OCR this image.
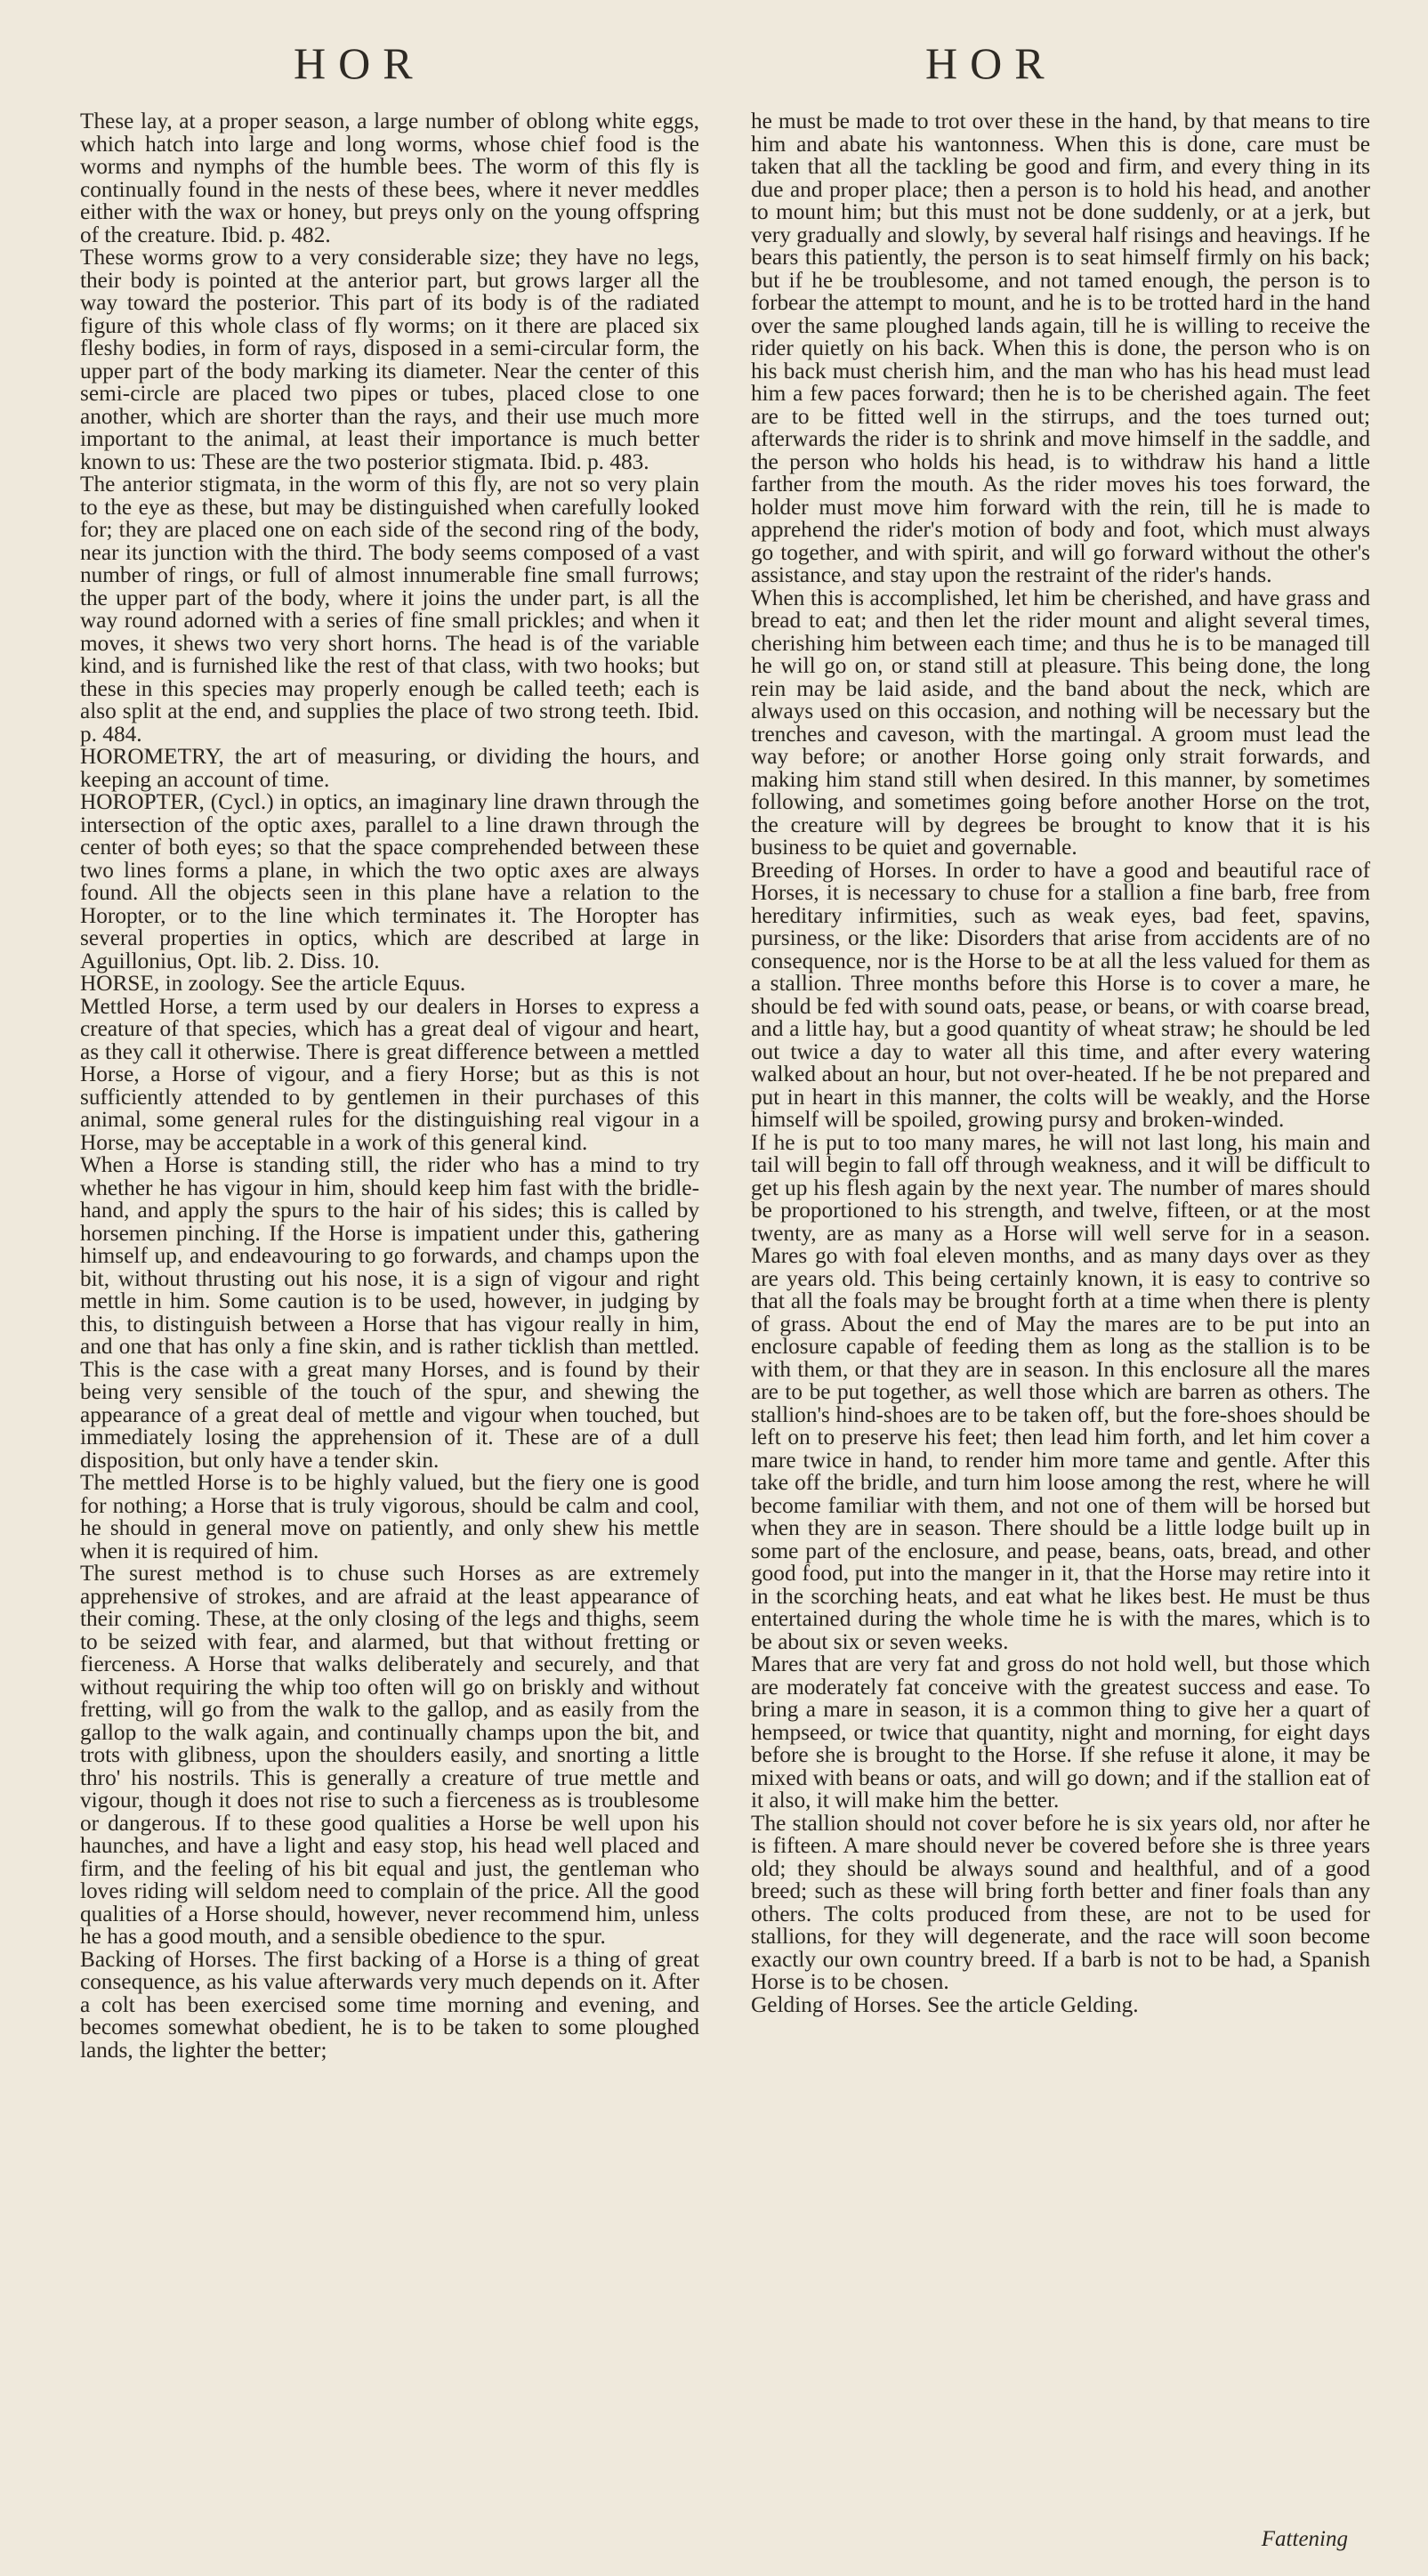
HOR	HOR

These lay, at a proper season, a large number of oblong white eggs, which hatch into large and long worms, whose chief food is the worms and nymphs of the humble bees. The worm of this fly is continually found in the nests of these bees, where it never meddles either with the wax or honey, but preys only on the young offspring of the creature. Ibid. p. 482.

These worms grow to a very considerable size; they have no legs, their body is pointed at the anterior part, but grows larger all the way toward the posterior. This part of its body is of the radiated figure of this whole class of fly worms; on it there are placed six fleshy bodies, in form of rays, disposed in a semi-circular form, the upper part of the body marking its diameter. Near the center of this semi-circle are placed two pipes or tubes, placed close to one another, which are shorter than the rays, and their use much more important to the animal, at least their importance is much better known to us: These are the two posterior stigmata. Ibid. p. 483.

The anterior stigmata, in the worm of this fly, are not so very plain to the eye as these, but may be distinguished when carefully looked for; they are placed one on each side of the second ring of the body, near its junction with the third. The body seems composed of a vast number of rings, or full of almost innumerable fine small furrows; the upper part of the body, where it joins the under part, is all the way round adorned with a series of fine small prickles; and when it moves, it shews two very short horns. The head is of the variable kind, and is furnished like the rest of that class, with two hooks; but these in this species may properly enough be called teeth; each is also split at the end, and supplies the place of two strong teeth. Ibid. p. 484.

HOROMETRY, the art of measuring, or dividing the hours, and keeping an account of time.

HOROPTER, (Cycl.) in optics, an imaginary line drawn through the intersection of the optic axes, parallel to a line drawn through the center of both eyes; so that the space comprehended between these two lines forms a plane, in which the two optic axes are always found. All the objects seen in this plane have a relation to the Horopter, or to the line which terminates it. The Horopter has several properties in optics, which are described at large in Aguillonius, Opt. lib. 2. Diss. 10.

HORSE, in zoology. See the article Equus.

Mettled Horse, a term used by our dealers in Horses to express a creature of that species, which has a great deal of vigour and heart, as they call it otherwise. There is great difference between a mettled Horse, a Horse of vigour, and a fiery Horse; but as this is not sufficiently attended to by gentlemen in their purchases of this animal, some general rules for the distinguishing real vigour in a Horse, may be acceptable in a work of this general kind.

When a Horse is standing still, the rider who has a mind to try whether he has vigour in him, should keep him fast with the bridle-hand, and apply the spurs to the hair of his sides; this is called by horsemen pinching. If the Horse is impatient under this, gathering himself up, and endeavouring to go forwards, and champs upon the bit, without thrusting out his nose, it is a sign of vigour and right mettle in him. Some caution is to be used, however, in judging by this, to distinguish between a Horse that has vigour really in him, and one that has only a fine skin, and is rather ticklish than mettled. This is the case with a great many Horses, and is found by their being very sensible of the touch of the spur, and shewing the appearance of a great deal of mettle and vigour when touched, but immediately losing the apprehension of it. These are of a dull disposition, but only have a tender skin.

The mettled Horse is to be highly valued, but the fiery one is good for nothing; a Horse that is truly vigorous, should be calm and cool, he should in general move on patiently, and only shew his mettle when it is required of him.

The surest method is to chuse such Horses as are extremely apprehensive of strokes, and are afraid at the least appearance of their coming. These, at the only closing of the legs and thighs, seem to be seized with fear, and alarmed, but that without fretting or fierceness. A Horse that walks deliberately and securely, and that without requiring the whip too often will go on briskly and without fretting, will go from the walk to the gallop, and as easily from the gallop to the walk again, and continually champs upon the bit, and trots with glibness, upon the shoulders easily, and snorting a little thro' his nostrils. This is generally a creature of true mettle and vigour, though it does not rise to such a fierceness as is troublesome or dangerous. If to these good qualities a Horse be well upon his haunches, and have a light and easy stop, his head well placed and firm, and the feeling of his bit equal and just, the gentleman who loves riding will seldom need to complain of the price. All the good qualities of a Horse should, however, never recommend him, unless he has a good mouth, and a sensible obedience to the spur.

Backing of Horses. The first backing of a Horse is a thing of great consequence, as his value afterwards very much depends on it. After a colt has been exercised some time morning and evening, and becomes somewhat obedient, he is to be taken to some ploughed lands, the lighter the better;

he must be made to trot over these in the hand, by that means to tire him and abate his wantonness. When this is done, care must be taken that all the tackling be good and firm, and every thing in its due and proper place; then a person is to hold his head, and another to mount him; but this must not be done suddenly, or at a jerk, but very gradually and slowly, by several half risings and heavings. If he bears this patiently, the person is to seat himself firmly on his back; but if he be troublesome, and not tamed enough, the person is to forbear the attempt to mount, and he is to be trotted hard in the hand over the same ploughed lands again, till he is willing to receive the rider quietly on his back. When this is done, the person who is on his back must cherish him, and the man who has his head must lead him a few paces forward; then he is to be cherished again. The feet are to be fitted well in the stirrups, and the toes turned out; afterwards the rider is to shrink and move himself in the saddle, and the person who holds his head, is to withdraw his hand a little farther from the mouth. As the rider moves his toes forward, the holder must move him forward with the rein, till he is made to apprehend the rider's motion of body and foot, which must always go together, and with spirit, and will go forward without the other's assistance, and stay upon the restraint of the rider's hands.

When this is accomplished, let him be cherished, and have grass and bread to eat; and then let the rider mount and alight several times, cherishing him between each time; and thus he is to be managed till he will go on, or stand still at pleasure. This being done, the long rein may be laid aside, and the band about the neck, which are always used on this occasion, and nothing will be necessary but the trenches and caveson, with the martingal. A groom must lead the way before; or another Horse going only strait forwards, and making him stand still when desired. In this manner, by sometimes following, and sometimes going before another Horse on the trot, the creature will by degrees be brought to know that it is his business to be quiet and governable.

Breeding of Horses. In order to have a good and beautiful race of Horses, it is necessary to chuse for a stallion a fine barb, free from hereditary infirmities, such as weak eyes, bad feet, spavins, pursiness, or the like: Disorders that arise from accidents are of no consequence, nor is the Horse to be at all the less valued for them as a stallion. Three months before this Horse is to cover a mare, he should be fed with sound oats, pease, or beans, or with coarse bread, and a little hay, but a good quantity of wheat straw; he should be led out twice a day to water all this time, and after every watering walked about an hour, but not over-heated. If he be not prepared and put in heart in this manner, the colts will be weakly, and the Horse himself will be spoiled, growing pursy and broken-winded.

If he is put to too many mares, he will not last long, his main and tail will begin to fall off through weakness, and it will be difficult to get up his flesh again by the next year. The number of mares should be proportioned to his strength, and twelve, fifteen, or at the most twenty, are as many as a Horse will well serve for in a season. Mares go with foal eleven months, and as many days over as they are years old. This being certainly known, it is easy to contrive so that all the foals may be brought forth at a time when there is plenty of grass. About the end of May the mares are to be put into an enclosure capable of feeding them as long as the stallion is to be with them, or that they are in season. In this enclosure all the mares are to be put together, as well those which are barren as others. The stallion's hind-shoes are to be taken off, but the fore-shoes should be left on to preserve his feet; then lead him forth, and let him cover a mare twice in hand, to render him more tame and gentle. After this take off the bridle, and turn him loose among the rest, where he will become familiar with them, and not one of them will be horsed but when they are in season. There should be a little lodge built up in some part of the enclosure, and pease, beans, oats, bread, and other good food, put into the manger in it, that the Horse may retire into it in the scorching heats, and eat what he likes best. He must be thus entertained during the whole time he is with the mares, which is to be about six or seven weeks.

Mares that are very fat and gross do not hold well, but those which are moderately fat conceive with the greatest success and ease. To bring a mare in season, it is a common thing to give her a quart of hempseed, or twice that quantity, night and morning, for eight days before she is brought to the Horse. If she refuse it alone, it may be mixed with beans or oats, and will go down; and if the stallion eat of it also, it will make him the better.

The stallion should not cover before he is six years old, nor after he is fifteen. A mare should never be covered before she is three years old; they should be always sound and healthful, and of a good breed; such as these will bring forth better and finer foals than any others. The colts produced from these, are not to be used for stallions, for they will degenerate, and the race will soon become exactly our own country breed. If a barb is not to be had, a Spanish Horse is to be chosen.

Gelding of Horses. See the article Gelding.

Fattening
